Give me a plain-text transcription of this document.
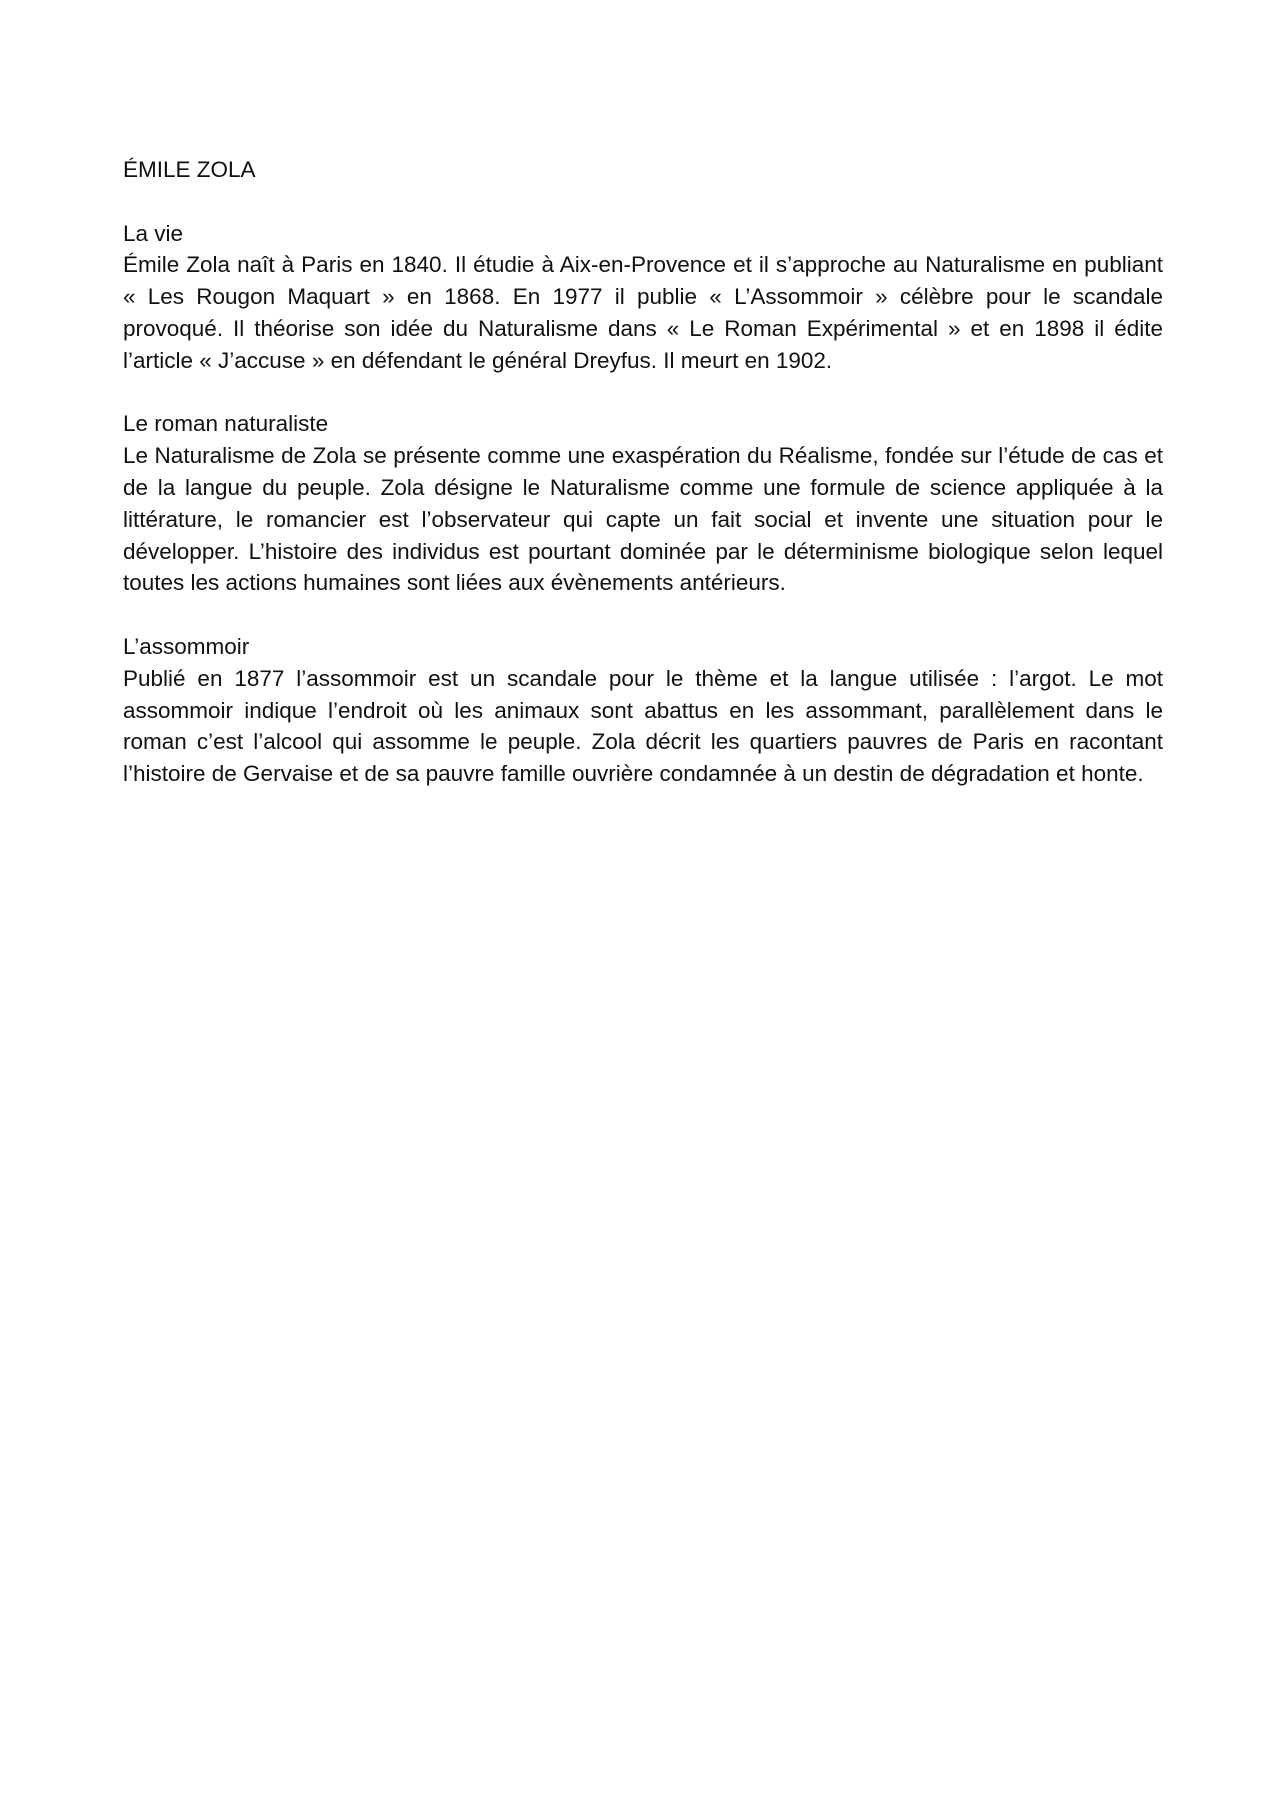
ÉMILE ZOLA
La vie

Émile Zola naît à Paris en 1840. Il étudie à Aix-en-Provence et il s’approche au Naturalisme en publiant « Les Rougon Maquart » en 1868. En 1977 il publie « L’Assommoir » célèbre pour le scandale provoqué. Il théorise son idée du Naturalisme dans « Le Roman Expérimental » et en 1898 il édite l’article « J’accuse » en défendant le général Dreyfus. Il meurt en 1902.

Le roman naturaliste

Le Naturalisme de Zola se présente comme une exaspération du Réalisme, fondée sur l’étude de cas et de la langue du peuple. Zola désigne le Naturalisme comme une formule de science appliquée à la littérature, le romancier est l’observateur qui capte un fait social et invente une situation pour le développer. L’histoire des individus est pourtant dominée par le déterminisme biologique selon lequel toutes les actions humaines sont liées aux évènements antérieurs.

L’assommoir

Publié en 1877 l’assommoir est un scandale pour le thème et la langue utilisée : l’argot. Le mot assommoir indique l’endroit où les animaux sont abattus en les assommant, parallèlement dans le roman c’est l’alcool qui assomme le peuple. Zola décrit les quartiers pauvres de Paris en racontant l’histoire de Gervaise et de sa pauvre famille ouvrière condamnée à un destin de dégradation et honte.
